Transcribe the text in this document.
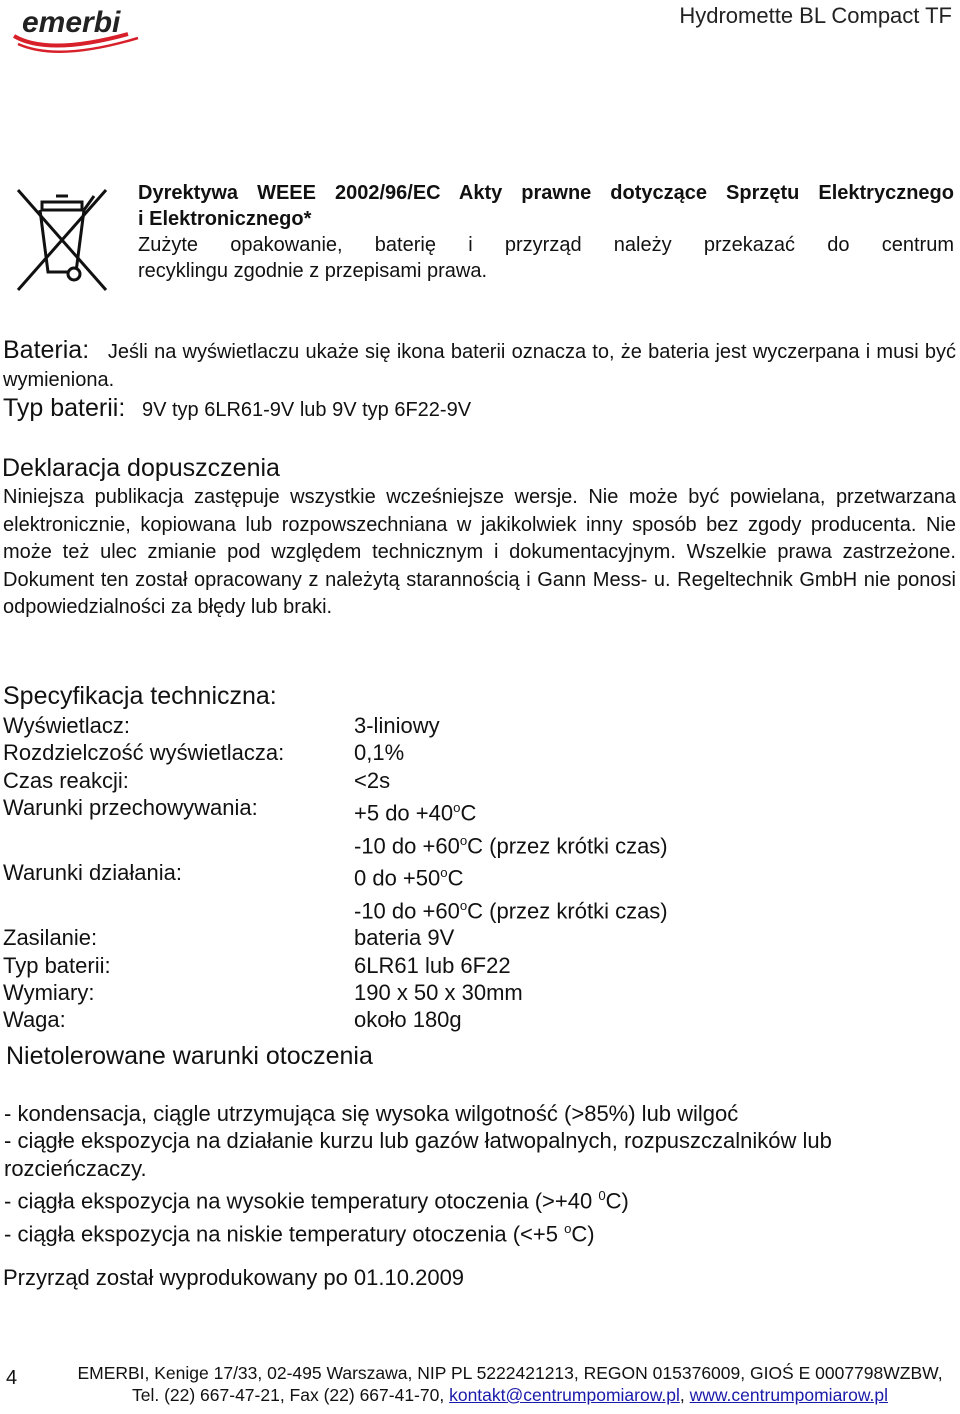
emerbi	Hydromette BL Compact TF
Dyrektywa WEEE 2002/96/EC Akty prawne dotyczące Sprzętu Elektrycznego
i Elektronicznego*
Zużyte opakowanie, baterię i przyrząd należy przekazać do centrum
recyklingu zgodnie z przepisami prawa.
Bateria: Jeśli na wyświetlaczu ukaże się ikona baterii oznacza to, że bateria jest wyczerpana i musi być wymieniona.
Typ baterii: 9V typ 6LR61-9V lub 9V typ 6F22-9V
Deklaracja dopuszczenia
Niniejsza publikacja zastępuje wszystkie wcześniejsze wersje. Nie może być powielana, przetwarzana elektronicznie, kopiowana lub rozpowszechniana w jakikolwiek inny sposób bez zgody producenta. Nie może też ulec zmianie pod względem technicznym i dokumentacyjnym. Wszelkie prawa zastrzeżone. Dokument ten został opracowany z należytą starannością i Gann Mess- u. Regeltechnik GmbH nie ponosi odpowiedzialności za błędy lub braki.
Specyfikacja techniczna:
Wyświetlacz:	3-liniowy
Rozdzielczość wyświetlacza:	0,1%
Czas reakcji:	<2s
Warunki przechowywania:	+5 do $+40^oC$
-10 do $+60^oC$ (przez krótki czas)
Warunki działania:	0 do $+50^oC$
-10 do $+60^oC$ (przez krótki czas)
Zasilanie:	bateria 9V
Typ baterii:	6LR61 lub 6F22
Wymiary:	190 x 50 x 30mm
Waga:	około 180g
Nietolerowane warunki otoczenia
- kondensacja, ciągle utrzymująca się wysoka wilgotność (>85%) lub wilgoć
- ciągłe ekspozycja na działanie kurzu lub gazów łatwopalnych, rozpuszczalników lub rozcieńczaczy.
- ciągła ekspozycja na wysokie temperatury otoczenia (>+40 $^0$C)
- ciągła ekspozycja na niskie temperatury otoczenia (<+5 $^o$C)
Przyrząd został wyprodukowany po 01.10.2009
4	EMERBI, Kenige 17/33, 02-495 Warszawa, NIP PL 5222421213, REGON 015376009, GIOŚ E 0007798WZBW,
Tel. (22) 667-47-21, Fax (22) 667-41-70, kontakt@centrumpomiarow.pl, www.centrumpomiarow.pl
